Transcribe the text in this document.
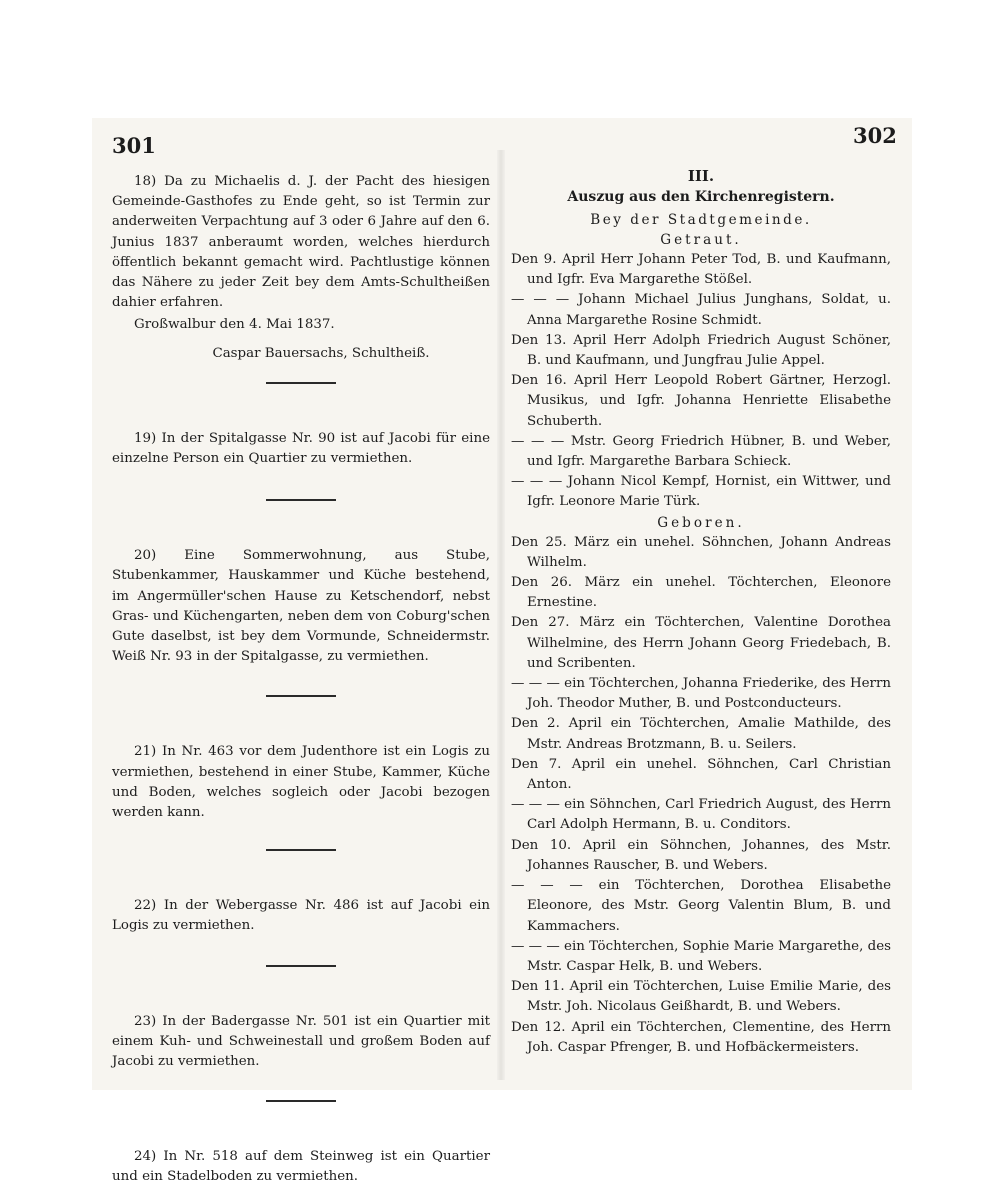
301	302

18) Da zu Michaelis d. J. der Pacht des hiesigen Gemeinde-Gasthofes zu Ende geht, so ist Termin zur anderweiten Verpachtung auf 3 oder 6 Jahre auf den 6. Junius 1837 anberaumt worden, welches hierdurch öffentlich bekannt gemacht wird. Pachtlustige können das Nähere zu jeder Zeit bey dem Amts-Schultheißen dahier erfahren.

Großwalbur den 4. Mai 1837.

Caspar Bauersachs, Schultheiß.

19) In der Spitalgasse Nr. 90 ist auf Jacobi für eine einzelne Person ein Quartier zu vermiethen.

20) Eine Sommerwohnung, aus Stube, Stubenkammer, Hauskammer und Küche bestehend, im Angermüller'schen Hause zu Ketschendorf, nebst Gras- und Küchengarten, neben dem von Coburg'schen Gute daselbst, ist bey dem Vormunde, Schneidermstr. Weiß Nr. 93 in der Spitalgasse, zu vermiethen.

21) In Nr. 463 vor dem Judenthore ist ein Logis zu vermiethen, bestehend in einer Stube, Kammer, Küche und Boden, welches sogleich oder Jacobi bezogen werden kann.

22) In der Webergasse Nr. 486 ist auf Jacobi ein Logis zu vermiethen.

23) In der Badergasse Nr. 501 ist ein Quartier mit einem Kuh- und Schweinestall und großem Boden auf Jacobi zu vermiethen.

24) In Nr. 518 auf dem Steinweg ist ein Quartier und ein Stadelboden zu vermiethen.

III.

Auszug aus den Kirchenregistern.

Bey der Stadtgemeinde.

Getraut.

Den 9. April Herr Johann Peter Tod, B. und Kaufmann, und Igfr. Eva Margarethe Stößel.

— — — Johann Michael Julius Junghans, Soldat, u. Anna Margarethe Rosine Schmidt.

Den 13. April Herr Adolph Friedrich August Schöner, B. und Kaufmann, und Jungfrau Julie Appel.

Den 16. April Herr Leopold Robert Gärtner, Herzogl. Musikus, und Igfr. Johanna Henriette Elisabethe Schuberth.

— — — Mstr. Georg Friedrich Hübner, B. und Weber, und Igfr. Margarethe Barbara Schieck.

— — — Johann Nicol Kempf, Hornist, ein Wittwer, und Igfr. Leonore Marie Türk.

Geboren.

Den 25. März ein unehel. Söhnchen, Johann Andreas Wilhelm.

Den 26. März ein unehel. Töchterchen, Eleonore Ernestine.

Den 27. März ein Töchterchen, Valentine Dorothea Wilhelmine, des Herrn Johann Georg Friedebach, B. und Scribenten.

— — — ein Töchterchen, Johanna Friederike, des Herrn Joh. Theodor Muther, B. und Postconducteurs.

Den 2. April ein Töchterchen, Amalie Mathilde, des Mstr. Andreas Brotzmann, B. u. Seilers.

Den 7. April ein unehel. Söhnchen, Carl Christian Anton.

— — — ein Söhnchen, Carl Friedrich August, des Herrn Carl Adolph Hermann, B. u. Conditors.

Den 10. April ein Söhnchen, Johannes, des Mstr. Johannes Rauscher, B. und Webers.

— — — ein Töchterchen, Dorothea Elisabethe Eleonore, des Mstr. Georg Valentin Blum, B. und Kammachers.

— — — ein Töchterchen, Sophie Marie Margarethe, des Mstr. Caspar Helk, B. und Webers.

Den 11. April ein Töchterchen, Luise Emilie Marie, des Mstr. Joh. Nicolaus Geißhardt, B. und Webers.

Den 12. April ein Töchterchen, Clementine, des Herrn Joh. Caspar Pfrenger, B. und Hofbäckermeisters.
